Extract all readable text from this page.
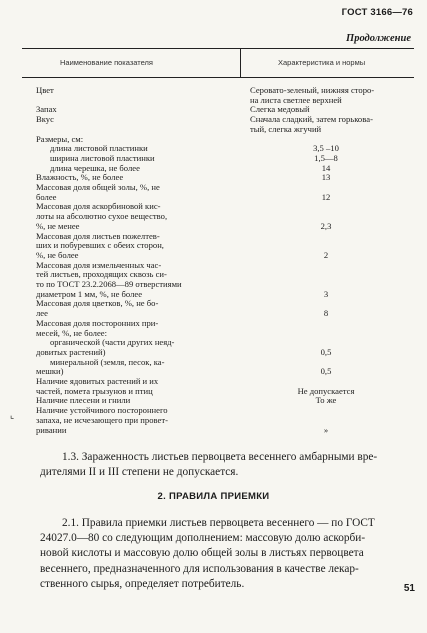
ГОСТ 3166—76
Продолжение
Наименование показателя	Характеристика и нормы
Цвет	Серовато-зеленый, нижняя сторо-
на листа светлее верхней
Запах	Слегка медовый
Вкус	Сначала сладкий, затем горьковa-
тый, слегка жгучий
Размеры, см:
длина листовой пластинки	3,5 –10
ширина листовой пластинки	1,5—8
длина черешка, не более	14
Влажность, %, не более	13
Массовая доля общей золы, %, не
более	12
Массовая доля аскорбиновой кис-
лоты на абсолютно сухое вещество,
%, не менее	2,3
Массовая доля листьев пожелтев-
ших и побуревших с обеих сторон,
%, не более	2
Массовая доля измельченных час-
тей листьев, проходящих сквозь си-
то по ТОСТ 23.2.2068—89 отверстиями
диаметром 1 мм, %, не более	3
Массовая доля цветков, %, не бо-
лее	8
Массовая доля посторонних при-
месей, %, не более:
органической (части других неяд-
довитых растений)	0,5
минеральной (земля, песок, ка-
мешки)	0,5
Наличие ядовитых растений и их
частей, помета грызунов и птиц	Не допускается
Наличие плесени и гнили	То же
Наличие устойчивого постороннего
запаха, не исчезающего при провет-
ривании	»
⌞
1.3. Зараженность листьев первоцвета весеннего амбарными вре-
дителями II и III степени не допускается.
2. ПРАВИЛА ПРИЕМКИ
2.1. Правила приемки листьев первоцвета весеннего — по ГОСТ
24027.0—80 со следующим дополнением: массовую долю аскорби-
новой кислоты и массовую долю общей золы в листьях первоцвета
весеннего, предназначенного для использования в качестве лекар-
ственного сырья, определяет потребитель.	51
